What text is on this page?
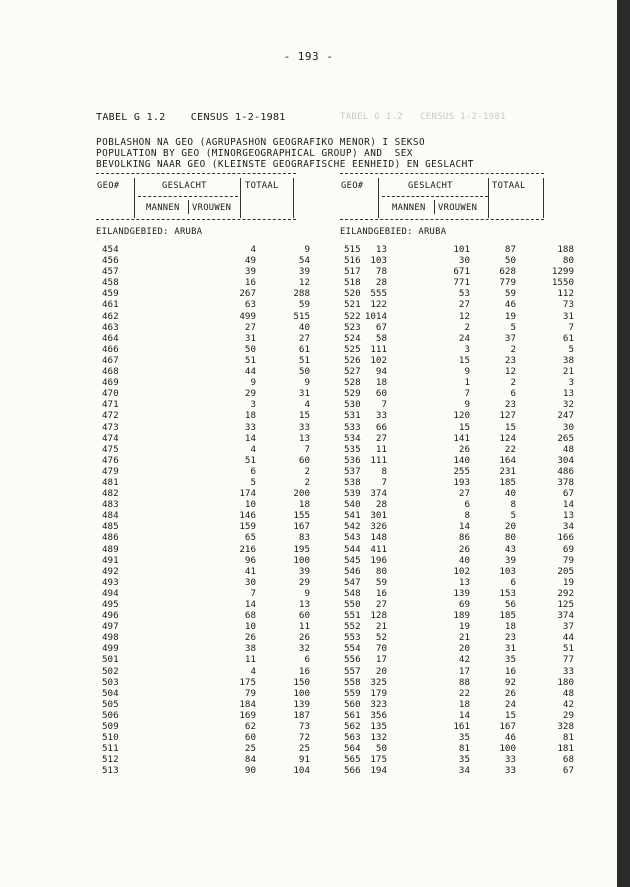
- 193 -
TABEL G 1.2   CENSUS 1-2-1981
TABEL G 1.2    CENSUS 1-2-1981
POBLASHON NA GEO (AGRUPASHON GEOGRAFIKO MENOR) I SEKSO
POPULATION BY GEO (MINORGEOGRAPHICAL GROUP) AND  SEX
BEVOLKING NAAR GEO (KLEINSTE GEOGRAFISCHE EENHEID) EN GESLACHT
GEO#	GESLACHT	TOTAAL
MANNEN VROUWEN
GEO#	GESLACHT	TOTAAL
MANNEN VROUWEN
EILANDGEBIED: ARUBA	EILANDGEBIED: ARUBA
454	4	9	13
456	49	54	103
457	39	39	78
458	16	12	28
459	267	288	555
461	63	59	122
462	499	515	1014
463	27	40	67
464	31	27	58
466	50	61	111
467	51	51	102
468	44	50	94
469	9	9	18
470	29	31	60
471	3	4	7
472	18	15	33
473	33	33	66
474	14	13	27
475	4	7	11
476	51	60	111
479	6	2	8
481	5	2	7
482	174	200	374
483	10	18	28
484	146	155	301
485	159	167	326
486	65	83	148
489	216	195	411
491	96	100	196
492	41	39	80
493	30	29	59
494	7	9	16
495	14	13	27
496	68	60	128
497	10	11	21
498	26	26	52
499	38	32	70
501	11	6	17
502	4	16	20
503	175	150	325
504	79	100	179
505	184	139	323
506	169	187	356
509	62	73	135
510	60	72	132
511	25	25	50
512	84	91	175
513	90	104	194
515	101	87	188
516	30	50	80
517	671	628	1299
518	771	779	1550
520	53	59	112
521	27	46	73
522	12	19	31
523	2	5	7
524	24	37	61
525	3	2	5
526	15	23	38
527	9	12	21
528	1	2	3
529	7	6	13
530	9	23	32
531	120	127	247
533	15	15	30
534	141	124	265
535	26	22	48
536	140	164	304
537	255	231	486
538	193	185	378
539	27	40	67
540	6	8	14
541	8	5	13
542	14	20	34
543	86	80	166
544	26	43	69
545	40	39	79
546	102	103	205
547	13	6	19
548	139	153	292
550	69	56	125
551	189	185	374
552	19	18	37
553	21	23	44
554	20	31	51
556	42	35	77
557	17	16	33
558	88	92	180
559	22	26	48
560	18	24	42
561	14	15	29
562	161	167	328
563	35	46	81
564	81	100	181
565	35	33	68
566	34	33	67
